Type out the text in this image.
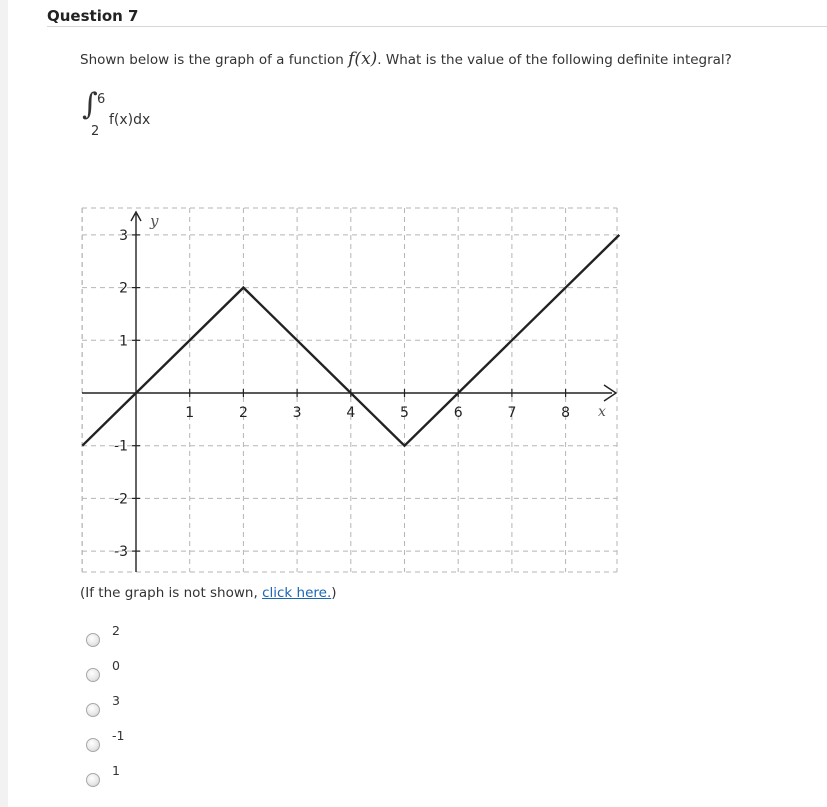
Question 7
Shown below is the graph of a function f(x). What is the value of the following definite integral?
∫ 6
2
f(x)dx
1	2	3	4	5	6	7	8
3
2
1
-1
-2
-3
x
y
(If the graph is not shown, click here.)
2
0
3
-1
1
